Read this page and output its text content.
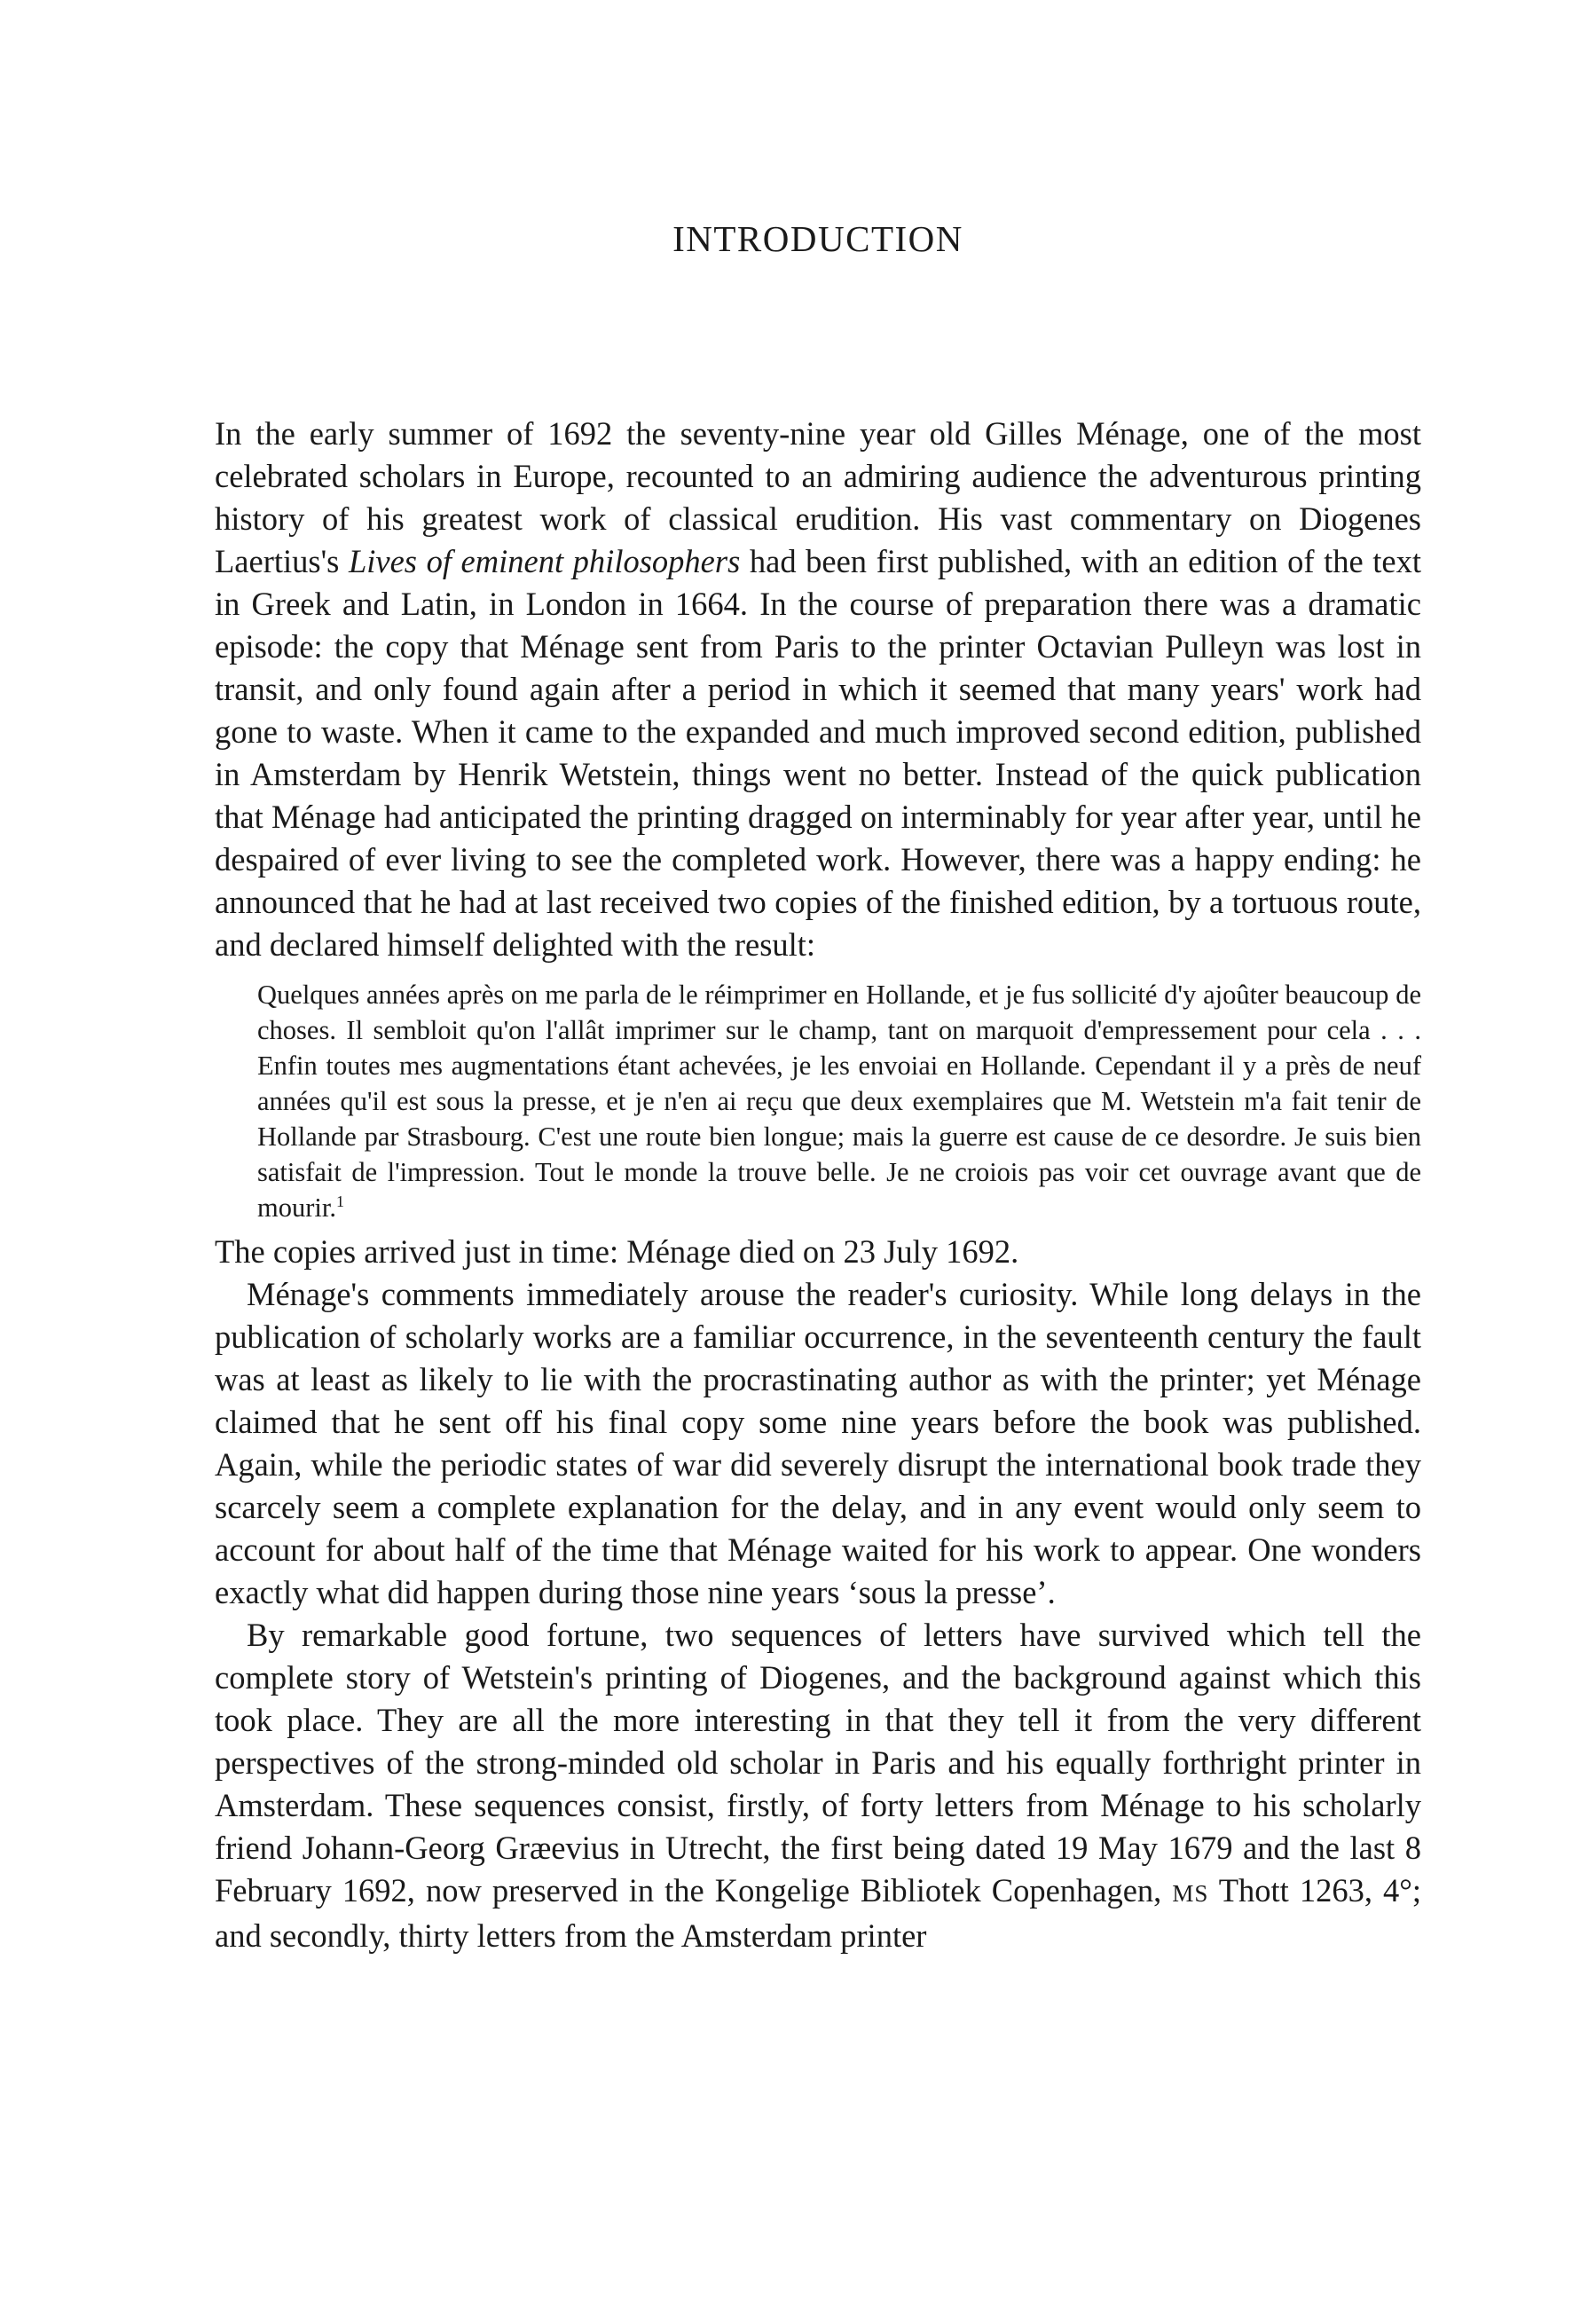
INTRODUCTION

In the early summer of 1692 the seventy-nine year old Gilles Ménage, one of the most celebrated scholars in Europe, recounted to an admiring audience the adventurous printing history of his greatest work of classical erudition. His vast commentary on Diogenes Laertius's Lives of eminent philosophers had been first published, with an edition of the text in Greek and Latin, in London in 1664. In the course of preparation there was a dramatic episode: the copy that Ménage sent from Paris to the printer Octavian Pulleyn was lost in transit, and only found again after a period in which it seemed that many years' work had gone to waste. When it came to the expanded and much improved second edition, published in Amsterdam by Henrik Wetstein, things went no better. Instead of the quick publication that Ménage had anticipated the printing dragged on interminably for year after year, until he despaired of ever living to see the completed work. However, there was a happy ending: he announced that he had at last received two copies of the finished edition, by a tortuous route, and declared himself delighted with the result:

Quelques années après on me parla de le réimprimer en Hollande, et je fus sollicité d'y ajoûter beaucoup de choses. Il sembloit qu'on l'allât imprimer sur le champ, tant on marquoit d'empressement pour cela . . . Enfin toutes mes augmentations étant achevées, je les envoiai en Hollande. Cependant il y a près de neuf années qu'il est sous la presse, et je n'en ai reçu que deux exemplaires que M. Wetstein m'a fait tenir de Hollande par Strasbourg. C'est une route bien longue; mais la guerre est cause de ce desordre. Je suis bien satisfait de l'impression. Tout le monde la trouve belle. Je ne croiois pas voir cet ouvrage avant que de mourir.$^1$

The copies arrived just in time: Ménage died on 23 July 1692.

Ménage's comments immediately arouse the reader's curiosity. While long delays in the publication of scholarly works are a familiar occurrence, in the seventeenth century the fault was at least as likely to lie with the procrastinating author as with the printer; yet Ménage claimed that he sent off his final copy some nine years before the book was published. Again, while the periodic states of war did severely disrupt the international book trade they scarcely seem a complete explanation for the delay, and in any event would only seem to account for about half of the time that Ménage waited for his work to appear. One wonders exactly what did happen during those nine years ‘sous la presse’.

By remarkable good fortune, two sequences of letters have survived which tell the complete story of Wetstein's printing of Diogenes, and the background against which this took place. They are all the more interesting in that they tell it from the very different perspectives of the strong-minded old scholar in Paris and his equally forthright printer in Amsterdam. These sequences consist, firstly, of forty letters from Ménage to his scholarly friend Johann-Georg Græevius in Utrecht, the first being dated 19 May 1679 and the last 8 February 1692, now preserved in the Kongelige Bibliotek Copenhagen, MS Thott 1263, 4°; and secondly, thirty letters from the Amsterdam printer
